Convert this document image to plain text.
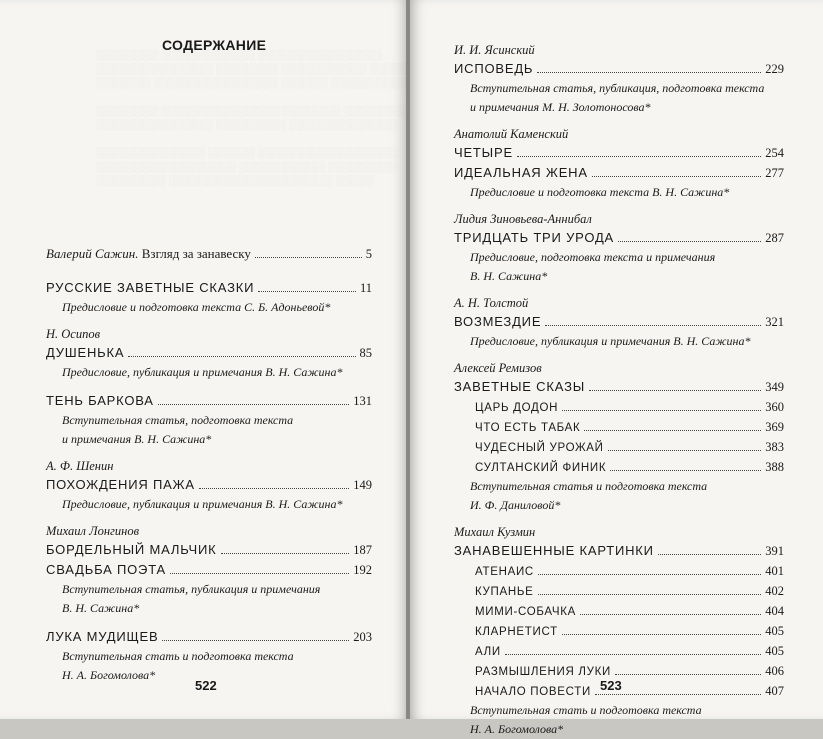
░░░░░░░░ ░░░░░░░░░░░░ ░░░░░░░░░░░░░░░░
░░░░░░░░░░░░░░░ ░░░░░░░░ ░░░░░░░░░░░ ░░░░░░░
░░░░░░░ ░░░░░░░░░░░░░░░░ ░░░░░░ ░░░░░░░░░░░░

░░░░░░░░ ░░░░░░░░░░░░░░░░░░░░░░░ ░░░░░░░░
░░░░░░░░░░░░░░░ ░░░░░░░░░ ░░░░░░░░░░░░░░

░░░░░░░░░░░░░░ ░░░░░░ ░░░░░░░░░░░░░░░░░░
░░░░░░░░░░░░░░░░░░ ░░░░░░░░░░░ ░░░░░░░░░
░░░░░░░░░ ░░░░░░░░░░░░░░░░░░░░░ ░░░░░
СОДЕРЖАНИЕ
Валерий Сажин. Взгляд за занавеску	5
РУССКИЕ ЗАВЕТНЫЕ СКАЗКИ	11
Предисловие и подготовка текста С. Б. Адоньевой*
Н. Осипов
ДУШЕНЬКА	85
Предисловие, публикация и примечания В. Н. Сажина*
ТЕНЬ БАРКОВА	131
Вступительная статья, подготовка текста
и примечания В. Н. Сажина*
А. Ф. Шенин
ПОХОЖДЕНИЯ ПАЖА	149
Предисловие, публикация и примечания В. Н. Сажина*
Михаил Лонгинов
БОРДЕЛЬНЫЙ МАЛЬЧИК	187
СВАДЬБА ПОЭТА	192
Вступительная статья, публикация и примечания
В. Н. Сажина*
ЛУКА МУДИЩЕВ	203
Вступительная стать и подготовка текста
Н. А. Богомолова*

522

И. И. Ясинский
ИСПОВЕДЬ	229
Вступительная статья, публикация, подготовка текста
и примечания М. Н. Золотоносова*
Анатолий Каменский
ЧЕТЫРЕ	254
ИДЕАЛЬНАЯ ЖЕНА	277
Предисловие и подготовка текста В. Н. Сажина*
Лидия Зиновьева-Аннибал
ТРИДЦАТЬ ТРИ УРОДА	287
Предисловие, подготовка текста и примечания
В. Н. Сажина*
А. Н. Толстой
ВОЗМЕЗДИЕ	321
Предисловие, публикация и примечания В. Н. Сажина*
Алексей Ремизов
ЗАВЕТНЫЕ СКАЗЫ	349
ЦАРЬ ДОДОН	360
ЧТО ЕСТЬ ТАБАК	369
ЧУДЕСНЫЙ УРОЖАЙ	383
СУЛТАНСКИЙ ФИНИК	388
Вступительная статья и подготовка текста
И. Ф. Даниловой*
Михаил Кузмин
ЗАНАВЕШЕННЫЕ КАРТИНКИ	391
АТЕНАИС	401
КУПАНЬЕ	402
МИМИ-СОБАЧКА	404
КЛАРНЕТИСТ	405
АЛИ	405
РАЗМЫШЛЕНИЯ ЛУКИ	406
НАЧАЛО ПОВЕСТИ	407
Вступительная стать и подготовка текста
Н. А. Богомолова*

523
